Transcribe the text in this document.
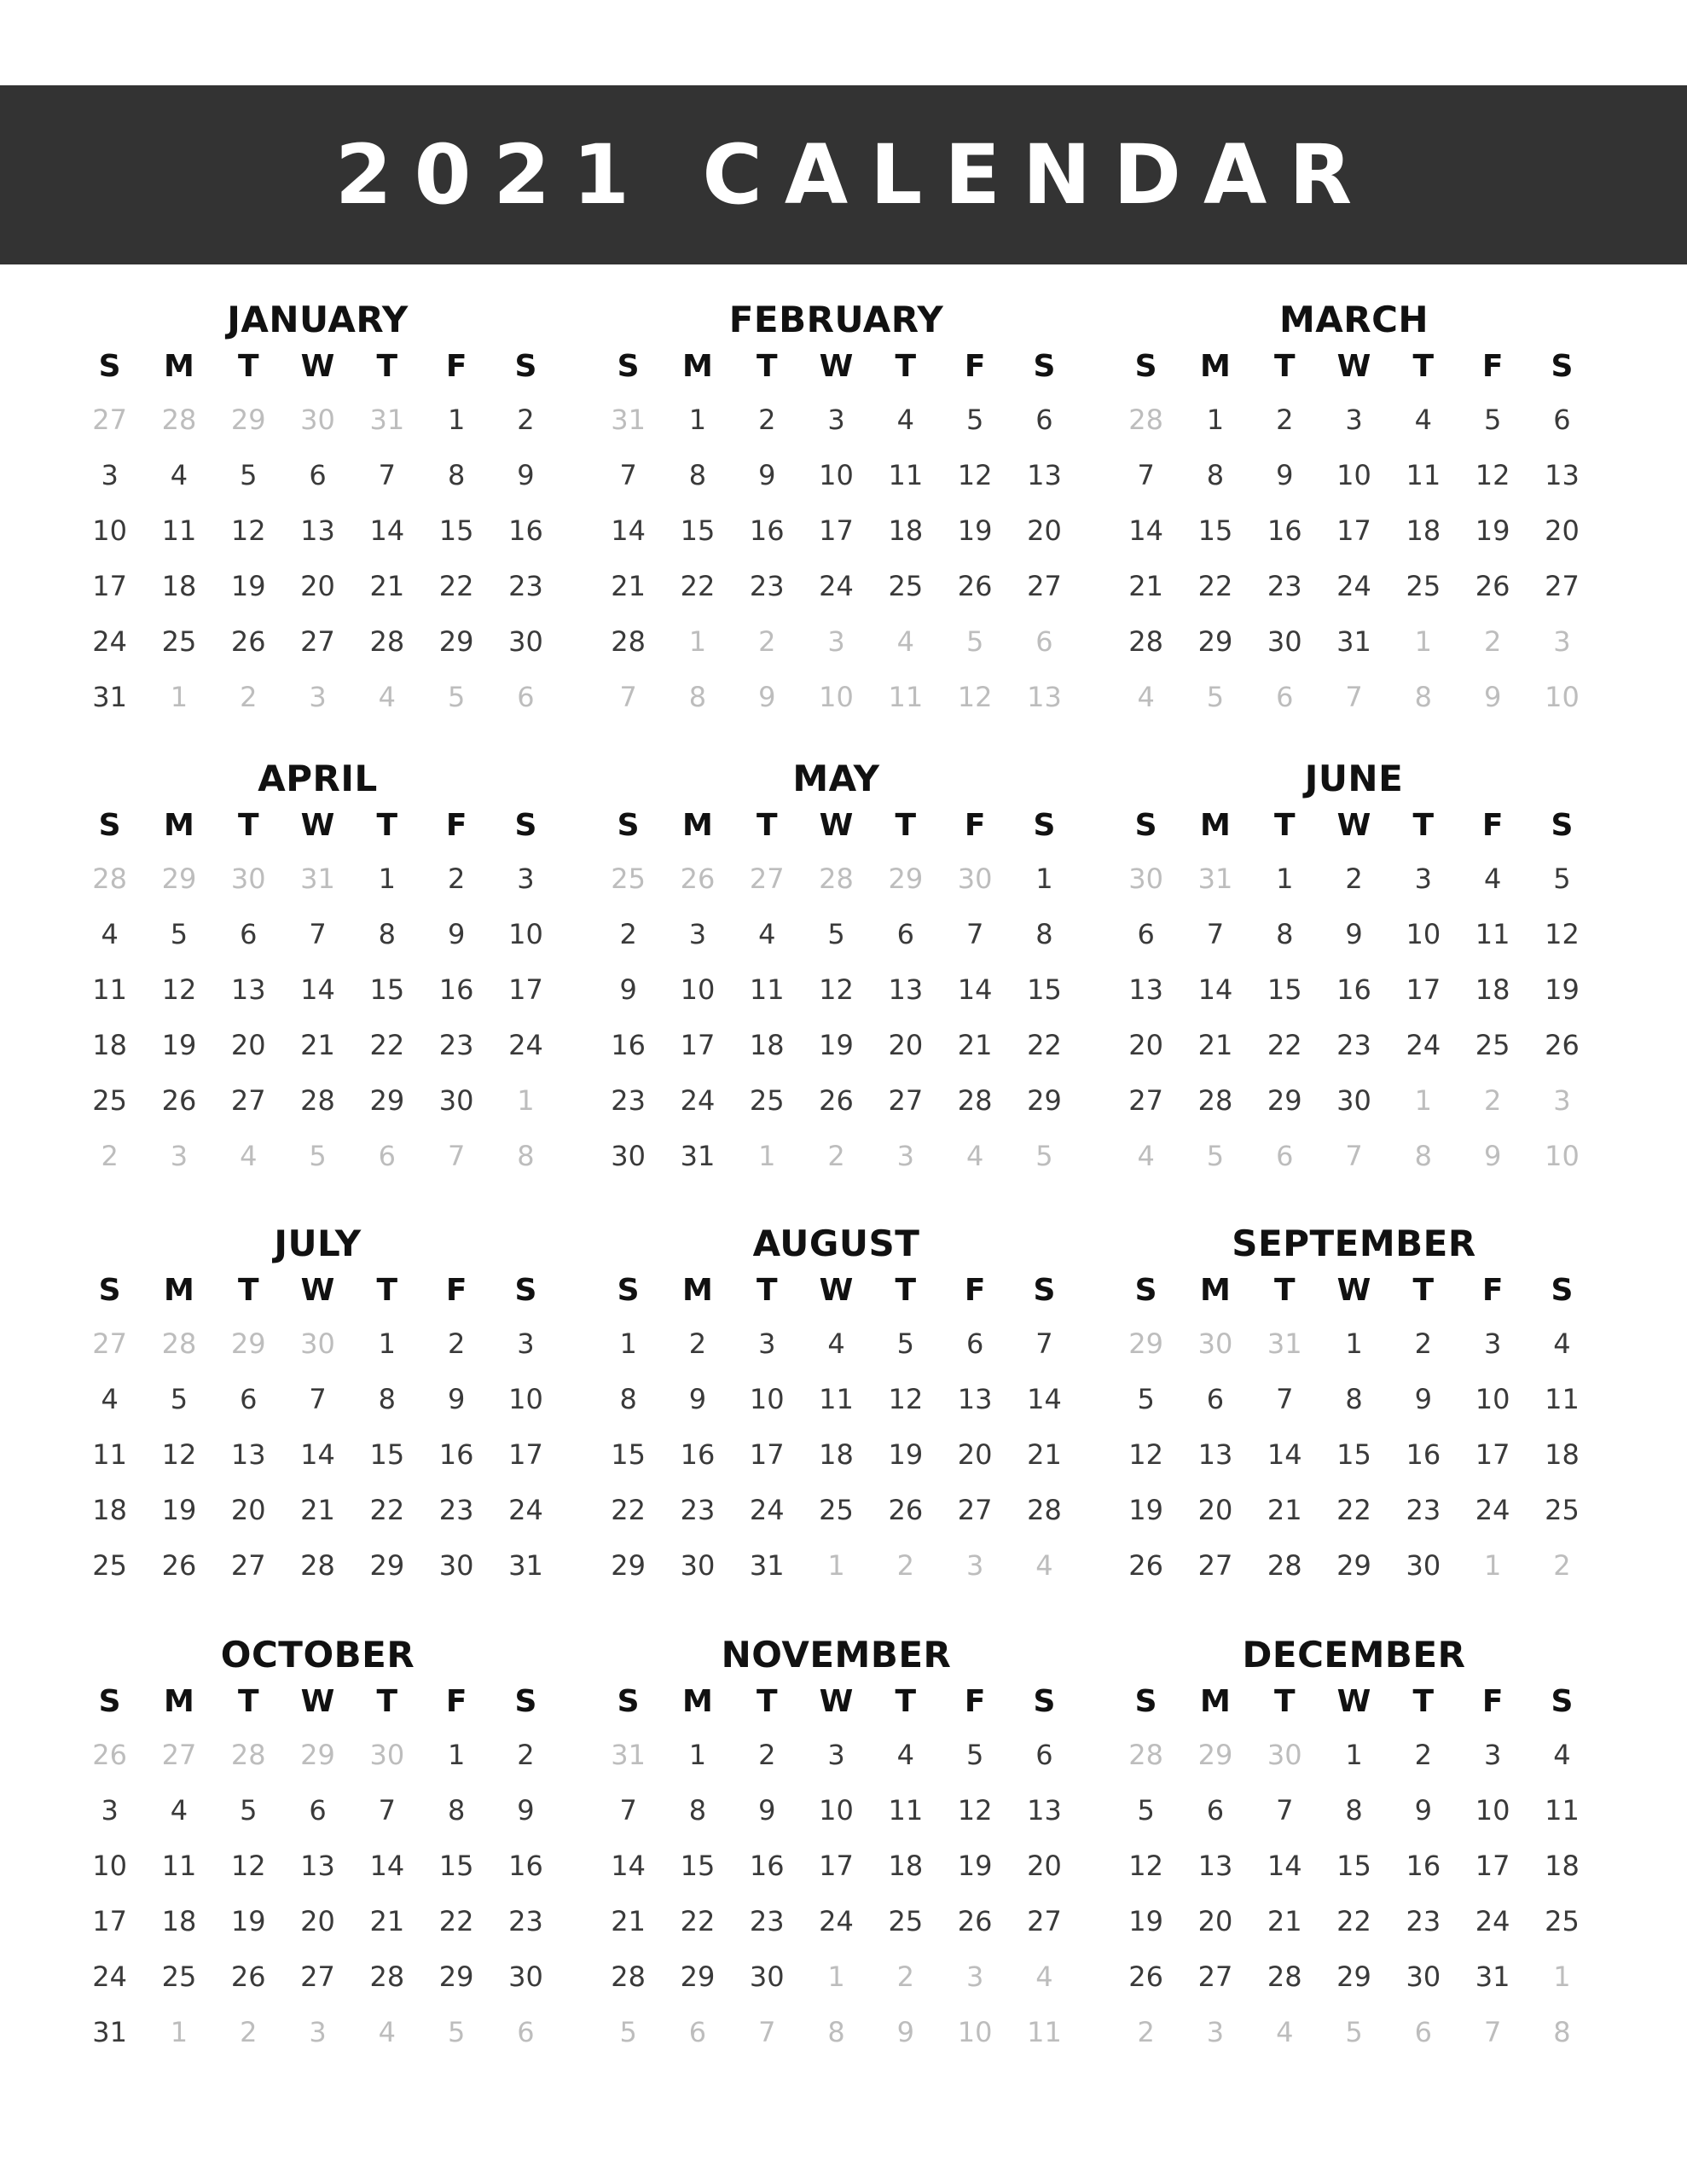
2021 CALENDAR
JANUARY
S	M	T	W	T	F	S
27	28	29	30	31	1	2
3	4	5	6	7	8	9
10	11	12	13	14	15	16
17	18	19	20	21	22	23
24	25	26	27	28	29	30
31	1	2	3	4	5	6
FEBRUARY
S	M	T	W	T	F	S
31	1	2	3	4	5	6
7	8	9	10	11	12	13
14	15	16	17	18	19	20
21	22	23	24	25	26	27
28	1	2	3	4	5	6
7	8	9	10	11	12	13
MARCH
S	M	T	W	T	F	S
28	1	2	3	4	5	6
7	8	9	10	11	12	13
14	15	16	17	18	19	20
21	22	23	24	25	26	27
28	29	30	31	1	2	3
4	5	6	7	8	9	10
APRIL
S	M	T	W	T	F	S
28	29	30	31	1	2	3
4	5	6	7	8	9	10
11	12	13	14	15	16	17
18	19	20	21	22	23	24
25	26	27	28	29	30	1
2	3	4	5	6	7	8
MAY
S	M	T	W	T	F	S
25	26	27	28	29	30	1
2	3	4	5	6	7	8
9	10	11	12	13	14	15
16	17	18	19	20	21	22
23	24	25	26	27	28	29
30	31	1	2	3	4	5
JUNE
S	M	T	W	T	F	S
30	31	1	2	3	4	5
6	7	8	9	10	11	12
13	14	15	16	17	18	19
20	21	22	23	24	25	26
27	28	29	30	1	2	3
4	5	6	7	8	9	10
JULY
S	M	T	W	T	F	S
27	28	29	30	1	2	3
4	5	6	7	8	9	10
11	12	13	14	15	16	17
18	19	20	21	22	23	24
25	26	27	28	29	30	31
AUGUST
S	M	T	W	T	F	S
1	2	3	4	5	6	7
8	9	10	11	12	13	14
15	16	17	18	19	20	21
22	23	24	25	26	27	28
29	30	31	1	2	3	4
SEPTEMBER
S	M	T	W	T	F	S
29	30	31	1	2	3	4
5	6	7	8	9	10	11
12	13	14	15	16	17	18
19	20	21	22	23	24	25
26	27	28	29	30	1	2
OCTOBER
S	M	T	W	T	F	S
26	27	28	29	30	1	2
3	4	5	6	7	8	9
10	11	12	13	14	15	16
17	18	19	20	21	22	23
24	25	26	27	28	29	30
31	1	2	3	4	5	6
NOVEMBER
S	M	T	W	T	F	S
31	1	2	3	4	5	6
7	8	9	10	11	12	13
14	15	16	17	18	19	20
21	22	23	24	25	26	27
28	29	30	1	2	3	4
5	6	7	8	9	10	11
DECEMBER
S	M	T	W	T	F	S
28	29	30	1	2	3	4
5	6	7	8	9	10	11
12	13	14	15	16	17	18
19	20	21	22	23	24	25
26	27	28	29	30	31	1
2	3	4	5	6	7	8
